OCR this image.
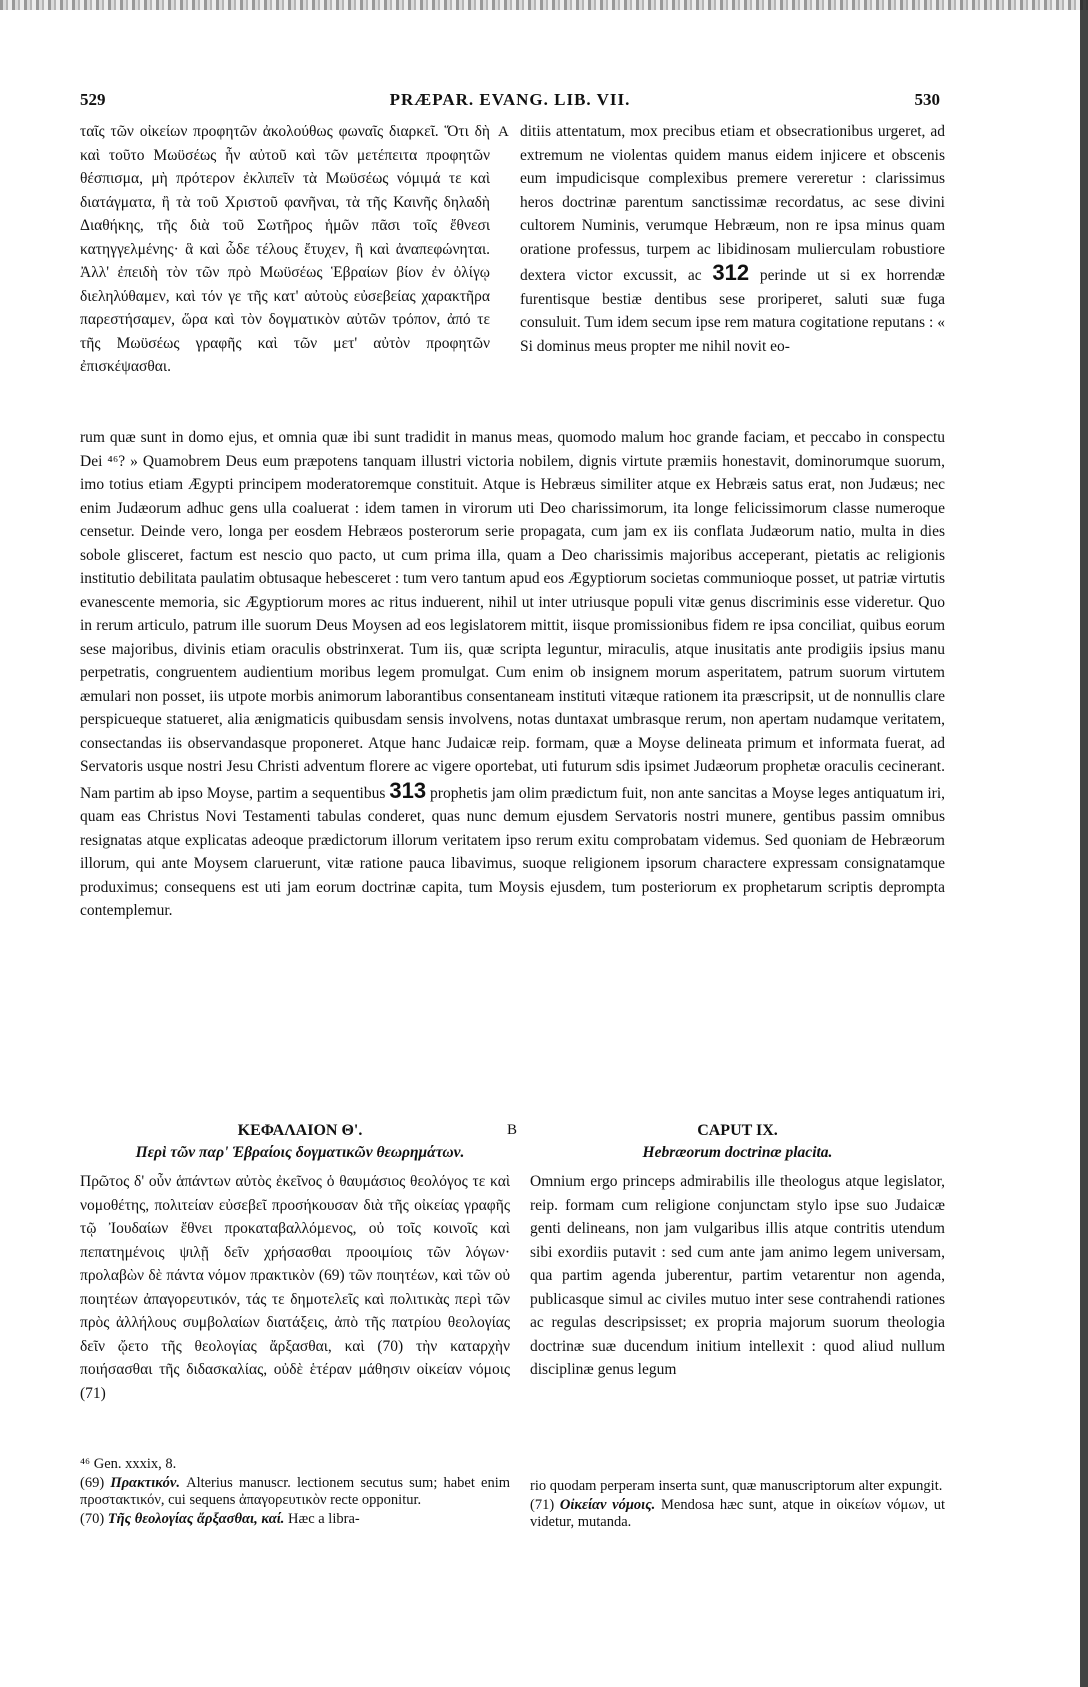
529	PRÆPAR. EVANG. LIB. VII.	530
A
B

ταῖς τῶν οἰκείων προφητῶν ἀκολούθως φωναῖς διαρκεῖ. Ὅτι δὴ καὶ τοῦτο Μωϋσέως ἦν αὐτοῦ καὶ τῶν μετέπειτα προφητῶν θέσπισμα, μὴ πρότερον ἐκλιπεῖν τὰ Μωϋσέως νόμιμά τε καὶ διατάγματα, ἢ τὰ τοῦ Χριστοῦ φανῆναι, τὰ τῆς Καινῆς δηλαδὴ Διαθήκης, τῆς διὰ τοῦ Σωτῆρος ἡμῶν πᾶσι τοῖς ἔθνεσι κατηγγελμένης· ἃ καὶ ὧδε τέλους ἔτυχεν, ἢ καὶ ἀναπεφώνηται. Ἀλλ' ἐπειδὴ τὸν τῶν πρὸ Μωϋσέως Ἑβραίων βίον ἐν ὀλίγῳ διεληλύθαμεν, καὶ τόν γε τῆς κατ' αὐτοὺς εὐσεβείας χαρακτῆρα παρεστήσαμεν, ὥρα καὶ τὸν δογματικὸν αὐτῶν τρόπον, ἀπό τε τῆς Μωϋσέως γραφῆς καὶ τῶν μετ' αὐτὸν προφητῶν ἐπισκέψασθαι.

ditiis attentatum, mox precibus etiam et obsecrationibus urgeret, ad extremum ne violentas quidem manus eidem injicere et obscenis eum impudicisque complexibus premere vereretur : clarissimus heros doctrinæ parentum sanctissimæ recordatus, ac sese divini cultorem Numinis, verumque Hebræum, non re ipsa minus quam oratione professus, turpem ac libidinosam mulierculam robustiore dextera victor excussit, ac 312 perinde ut si ex horrendæ furentisque bestiæ dentibus sese proriperet, saluti suæ fuga consuluit. Tum idem secum ipse rem matura cogitatione reputans : « Si dominus meus propter me nihil novit eo-

rum quæ sunt in domo ejus, et omnia quæ ibi sunt tradidit in manus meas, quomodo malum hoc grande faciam, et peccabo in conspectu Dei ⁴⁶? » Quamobrem Deus eum præpotens tanquam illustri victoria nobilem, dignis virtute præmiis honestavit, dominorumque suorum, imo totius etiam Ægypti principem moderatoremque constituit. Atque is Hebræus similiter atque ex Hebræis satus erat, non Judæus; nec enim Judæorum adhuc gens ulla coaluerat : idem tamen in virorum uti Deo charissimorum, ita longe felicissimorum classe numeroque censetur. Deinde vero, longa per eosdem Hebræos posterorum serie propagata, cum jam ex iis conflata Judæorum natio, multa in dies sobole glisceret, factum est nescio quo pacto, ut cum prima illa, quam a Deo charissimis majoribus acceperant, pietatis ac religionis institutio debilitata paulatim obtusaque hebesceret : tum vero tantum apud eos Ægyptiorum societas communioque posset, ut patriæ virtutis evanescente memoria, sic Ægyptiorum mores ac ritus induerent, nihil ut inter utriusque populi vitæ genus discriminis esse videretur. Quo in rerum articulo, patrum ille suorum Deus Moysen ad eos legislatorem mittit, iisque promissionibus fidem re ipsa conciliat, quibus eorum sese majoribus, divinis etiam oraculis obstrinxerat. Tum iis, quæ scripta leguntur, miraculis, atque inusitatis ante prodigiis ipsius manu perpetratis, congruentem audientium moribus legem promulgat. Cum enim ob insignem morum asperitatem, patrum suorum virtutem æmulari non posset, iis utpote morbis animorum laborantibus consentaneam instituti vitæque rationem ita præscripsit, ut de nonnullis clare perspicueque statueret, alia ænigmaticis quibusdam sensis involvens, notas duntaxat umbrasque rerum, non apertam nudamque veritatem, consectandas iis observandasque proponeret. Atque hanc Judaicæ reip. formam, quæ a Moyse delineata primum et informata fuerat, ad Servatoris usque nostri Jesu Christi adventum florere ac vigere oportebat, uti futurum sdis ipsimet Judæorum prophetæ oraculis cecinerant. Nam partim ab ipso Moyse, partim a sequentibus 313 prophetis jam olim prædictum fuit, non ante sancitas a Moyse leges antiquatum iri, quam eas Christus Novi Testamenti tabulas conderet, quas nunc demum ejusdem Servatoris nostri munere, gentibus passim omnibus resignatas atque explicatas adeoque prædictorum illorum veritatem ipso rerum exitu comprobatam videmus. Sed quoniam de Hebræorum illorum, qui ante Moysem claruerunt, vitæ ratione pauca libavimus, suoque religionem ipsorum charactere expressam consignatamque produximus; consequens est uti jam eorum doctrinæ capita, tum Moysis ejusdem, tum posteriorum ex prophetarum scriptis deprompta contemplemur.

ΚΕΦΑΛΑΙΟΝ Θ'.
Περὶ τῶν παρ' Ἑβραίοις δογματικῶν θεωρημάτων.
CAPUT IX.
Hebræorum doctrinæ placita.

Πρῶτος δ' οὖν ἁπάντων αὐτὸς ἐκεῖνος ὁ θαυμάσιος θεολόγος τε καὶ νομοθέτης, πολιτείαν εὐσεβεῖ προσήκουσαν διὰ τῆς οἰκείας γραφῆς τῷ Ἰουδαίων ἔθνει προκαταβαλλόμενος, οὐ τοῖς κοινοῖς καὶ πεπατημένοις ψιλῇ δεῖν χρήσασθαι προοιμίοις τῶν λόγων· προλαβὼν δὲ πάντα νόμον πρακτικὸν (69) τῶν ποιητέων, καὶ τῶν οὐ ποιητέων ἀπαγορευτικόν, τάς τε δημοτελεῖς καὶ πολιτικὰς περὶ τῶν πρὸς ἀλλήλους συμβολαίων διατάξεις, ἀπὸ τῆς πατρίου θεολογίας δεῖν ᾤετο τῆς θεολογίας ἄρξασθαι, καὶ (70) τὴν καταρχὴν ποιήσασθαι τῆς διδασκαλίας, οὐδὲ ἑτέραν μάθησιν οἰκείαν νόμοις (71)

Omnium ergo princeps admirabilis ille theologus atque legislator, reip. formam cum religione conjunctam stylo ipse suo Judaicæ genti delineans, non jam vulgaribus illis atque contritis utendum sibi exordiis putavit : sed cum ante jam animo legem universam, qua partim agenda juberentur, partim vetarentur non agenda, publicasque simul ac civiles mutuo inter sese contrahendi rationes ac regulas descripsisset; ex propria majorum suorum theologia doctrinæ suæ ducendum initium intellexit : quod aliud nullum disciplinæ genus legum

⁴⁶ Gen. xxxix, 8.

(69) Πρακτικόν. Alterius manuscr. lectionem secutus sum; habet enim προστακτικόν, cui sequens ἀπαγορευτικὸν recte opponitur.

(70) Τῆς θεολογίας ἄρξασθαι, καί. Hæc a libra-

rio quodam perperam inserta sunt, quæ manuscriptorum alter expungit.

(71) Οἰκείαν νόμοις. Mendosa hæc sunt, atque in οἰκείων νόμων, ut videtur, mutanda.
